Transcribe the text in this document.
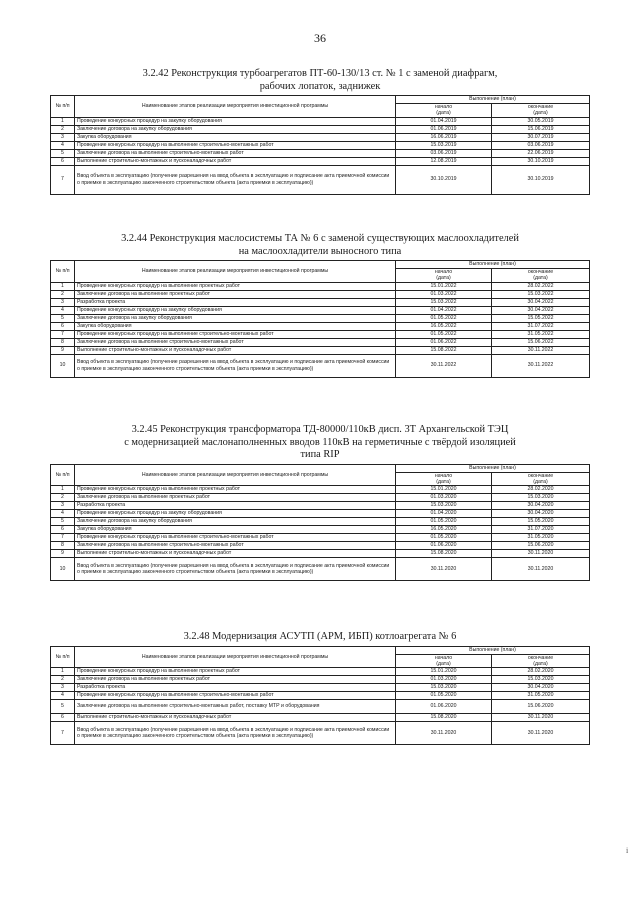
36
3.2.42 Реконструкция турбоагрегатов ПТ-60-130/13 ст. № 1 с заменой диафрагм,
рабочих лопаток, заднижек
№ п/п	Наименование этапов реализации мероприятия инвестиционной программы	Выполнение (план)	
		начало
(дата)	окончание
(дата)
1	Проведение конкурсных процедур на закупку оборудования	01.04.2019	30.05.2019
2	Заключение договора на закупку оборудования	01.06.2019	15.06.2019
3	Закупка оборудования	16.06.2019	30.07.2019
4	Проведение конкурсных процедур на выполнение строительно-монтажных работ	15.03.2019	03.06.2019
5	Заключение договора на выполнение строительно-монтажных работ	03.06.2019	22.06.2019
6	Выполнение строительно-монтажных и пусконаладочных работ	12.08.2019	30.10.2019
7	Ввод объекта в эксплуатацию (получение разрешения на ввод объекта в эксплуатацию и подписание акта приемочной комиссии о приемке в эксплуатацию законченного строительством объекта (акта приемки в эксплуатацию))	30.10.2019	30.10.2019
3.2.44 Реконструкция маслосистемы ТА № 6 с заменой существующих маслоохладителей
на маслоохладители выносного типа
№ п/п	Наименование этапов реализации мероприятия инвестиционной программы	Выполнение (план)	
		начало
(дата)	окончание
(дата)
1	Проведение конкурсных процедур на выполнение проектных работ	15.01.2022	28.02.2022
2	Заключение договора на выполнение проектных работ	01.03.2022	15.03.2022
3	Разработка проекта	15.03.2022	30.04.2022
4	Проведение конкурсных процедур на закупку оборудования	01.04.2022	30.04.2022
5	Заключение договора на закупку оборудования	01.05.2022	15.05.2022
6	Закупка оборудования	16.05.2022	31.07.2022
7	Проведение конкурсных процедур на выполнение строительно-монтажных работ	01.05.2022	31.05.2022
8	Заключение договора на выполнение строительно-монтажных работ	01.06.2022	15.06.2022
9	Выполнение строительно-монтажных и пусконаладочных работ	15.08.2022	30.11.2022
10	Ввод объекта в эксплуатацию (получение разрешения на ввод объекта в эксплуатацию и подписание акта приемочной комиссии о приемке в эксплуатацию законченного строительством объекта (акта приемки в эксплуатацию))	30.11.2022	30.11.2022
3.2.45 Реконструкция трансформатора ТД-80000/110кВ дисп. 3Т Архангельской ТЭЦ
с модернизацией маслонаполненных вводов 110кВ на герметичные с твёрдой изоляцией
типа RIP
№ п/п	Наименование этапов реализации мероприятия инвестиционной программы	Выполнение (план)	
		начало
(дата)	окончание
(дата)
1	Проведение конкурсных процедур на выполнение проектных работ	15.01.2020	28.02.2020
2	Заключение договора на выполнение проектных работ	01.03.2020	15.03.2020
3	Разработка проекта	15.03.2020	30.04.2020
4	Проведение конкурсных процедур на закупку оборудования	01.04.2020	30.04.2020
5	Заключение договора на закупку оборудования	01.05.2020	15.05.2020
6	Закупка оборудования	16.05.2020	31.07.2020
7	Проведение конкурсных процедур на выполнение строительно-монтажных работ	01.05.2020	31.05.2020
8	Заключение договора на выполнение строительно-монтажных работ	01.06.2020	15.06.2020
9	Выполнение строительно-монтажных и пусконаладочных работ	15.08.2020	30.11.2020
10	Ввод объекта в эксплуатацию (получение разрешения на ввод объекта в эксплуатацию и подписание акта приемочной комиссии о приемке в эксплуатацию законченного строительством объекта (акта приемки в эксплуатацию))	30.11.2020	30.11.2020
3.2.48 Модернизация АСУТП (АРМ, ИБП) котлоагрегата № 6
№ п/п	Наименование этапов реализации мероприятия инвестиционной программы	Выполнение (план)	
		начало
(дата)	окончание
(дата)
1	Проведение конкурсных процедур на выполнение проектных работ	15.01.2020	28.02.2020
2	Заключение договора на выполнение проектных работ	01.03.2020	15.03.2020
3	Разработка проекта	15.03.2020	30.04.2020
4	Проведение конкурсных процедур на выполнение строительно-монтажных работ	01.05.2020	31.05.2020
5	Заключение договора на выполнение строительно-монтажных работ, поставку МТР и оборудования	01.06.2020	15.06.2020
6	Выполнение строительно-монтажных и пусконаладочных работ	15.08.2020	30.11.2020
7	Ввод объекта в эксплуатацию (получение разрешения на ввод объекта в эксплуатацию и подписание акта приемочной комиссии о приемке в эксплуатацию законченного строительством объекта (акта приемки в эксплуатацию))	30.11.2020	30.11.2020
i
